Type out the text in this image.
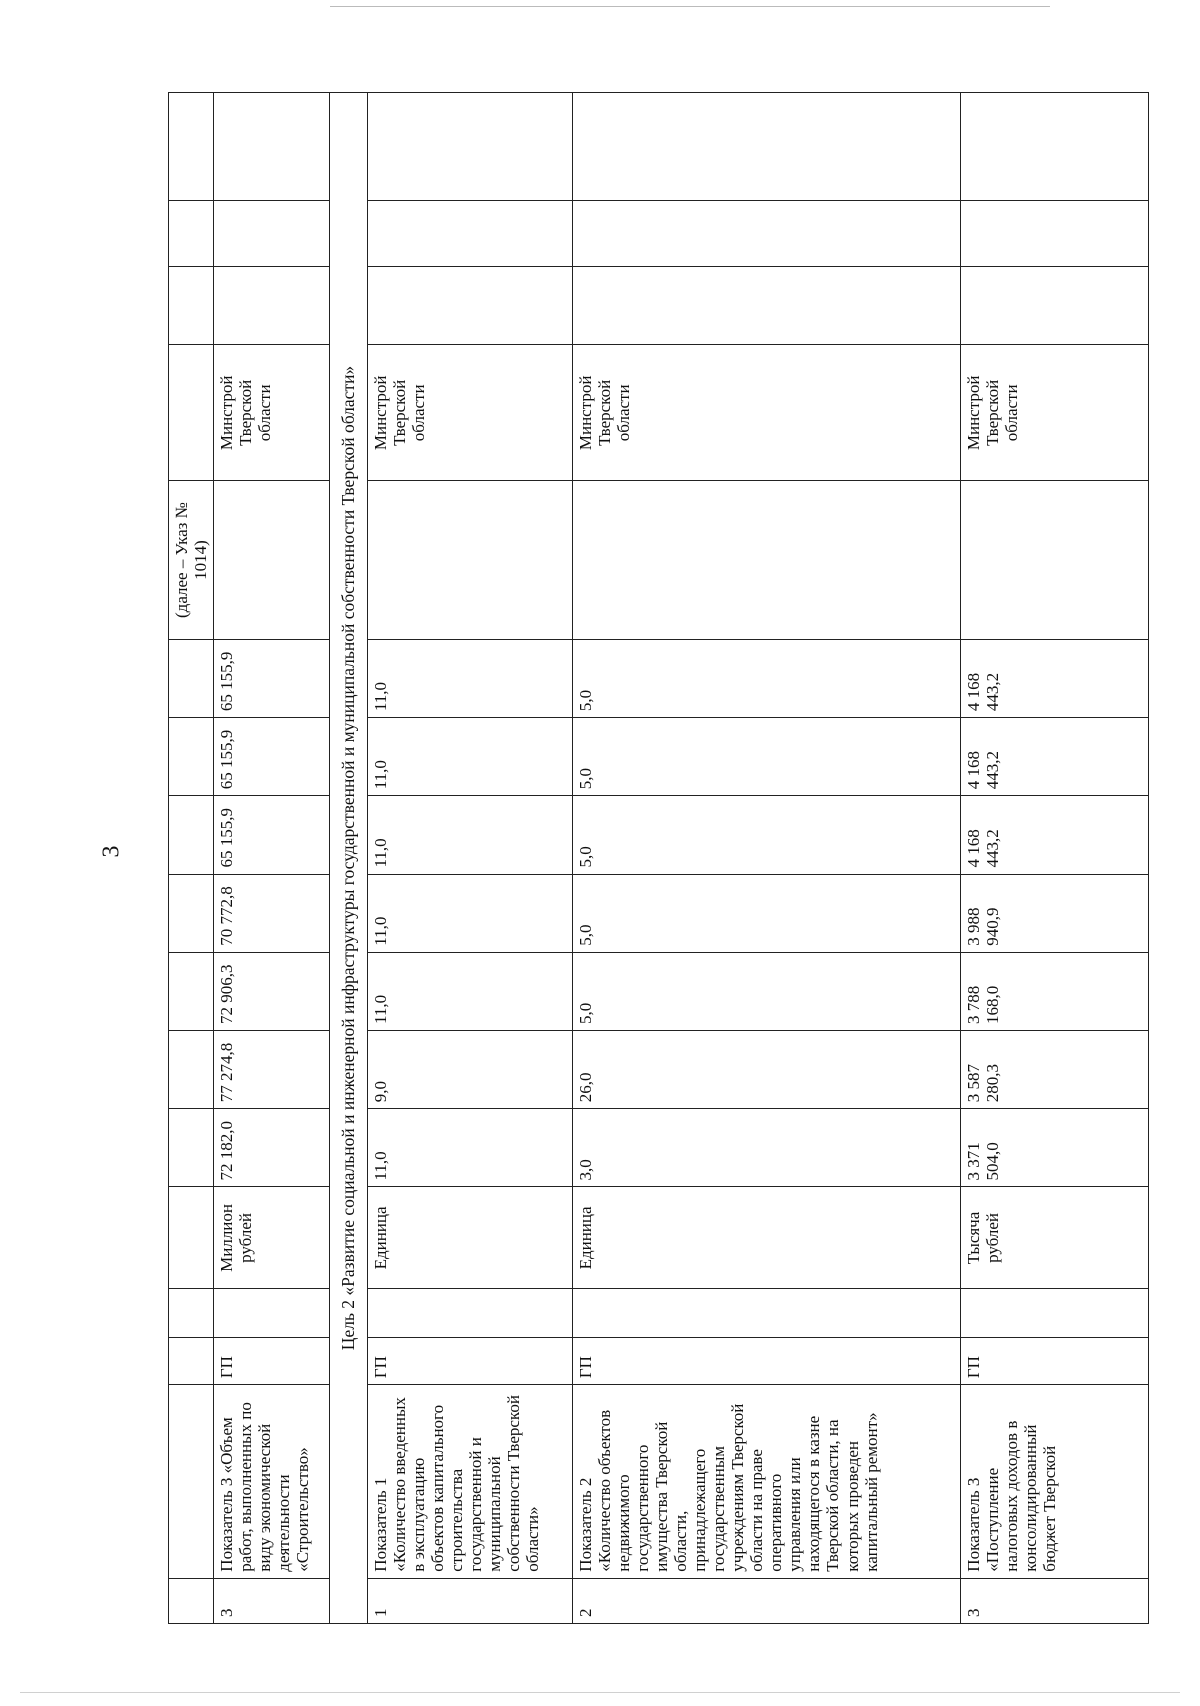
3
												(далее – Указ № 1014)				
3	Показатель 3 «Объем работ, выполненных по виду экономической деятельности «Строительство»	ГП		Миллион рублей	72 182,0	77 274,8	72 906,3	70 772,8	65 155,9	65 155,9	65 155,9		Минстрой Тверской области			
Цель 2 «Развитие социальной и инженерной инфраструктуры государственной и муниципальной собственности Тверской области»																
1	Показатель 1 «Количество введенных в эксплуатацию объектов капитального строительства государственной и муниципальной собственности Тверской области»	ГП		Единица	11,0	9,0	11,0	11,0	11,0	11,0	11,0		Минстрой Тверской области			
2	Показатель 2 «Количество объектов недвижимого государственного имущества Тверской области, принадлежащего государственным учреждениям Тверской области на праве оперативного управления или находящегося в казне Тверской области, на которых проведен капитальный ремонт»	ГП		Единица	3,0	26,0	5,0	5,0	5,0	5,0	5,0		Минстрой Тверской области			
3	Показатель 3 «Поступление налоговых доходов в консолидированный бюджет Тверской	ГП		Тысяча рублей	3 371 504,0	3 587 280,3	3 788 168,0	3 988 940,9	4 168 443,2	4 168 443,2	4 168 443,2		Минстрой Тверской области			
